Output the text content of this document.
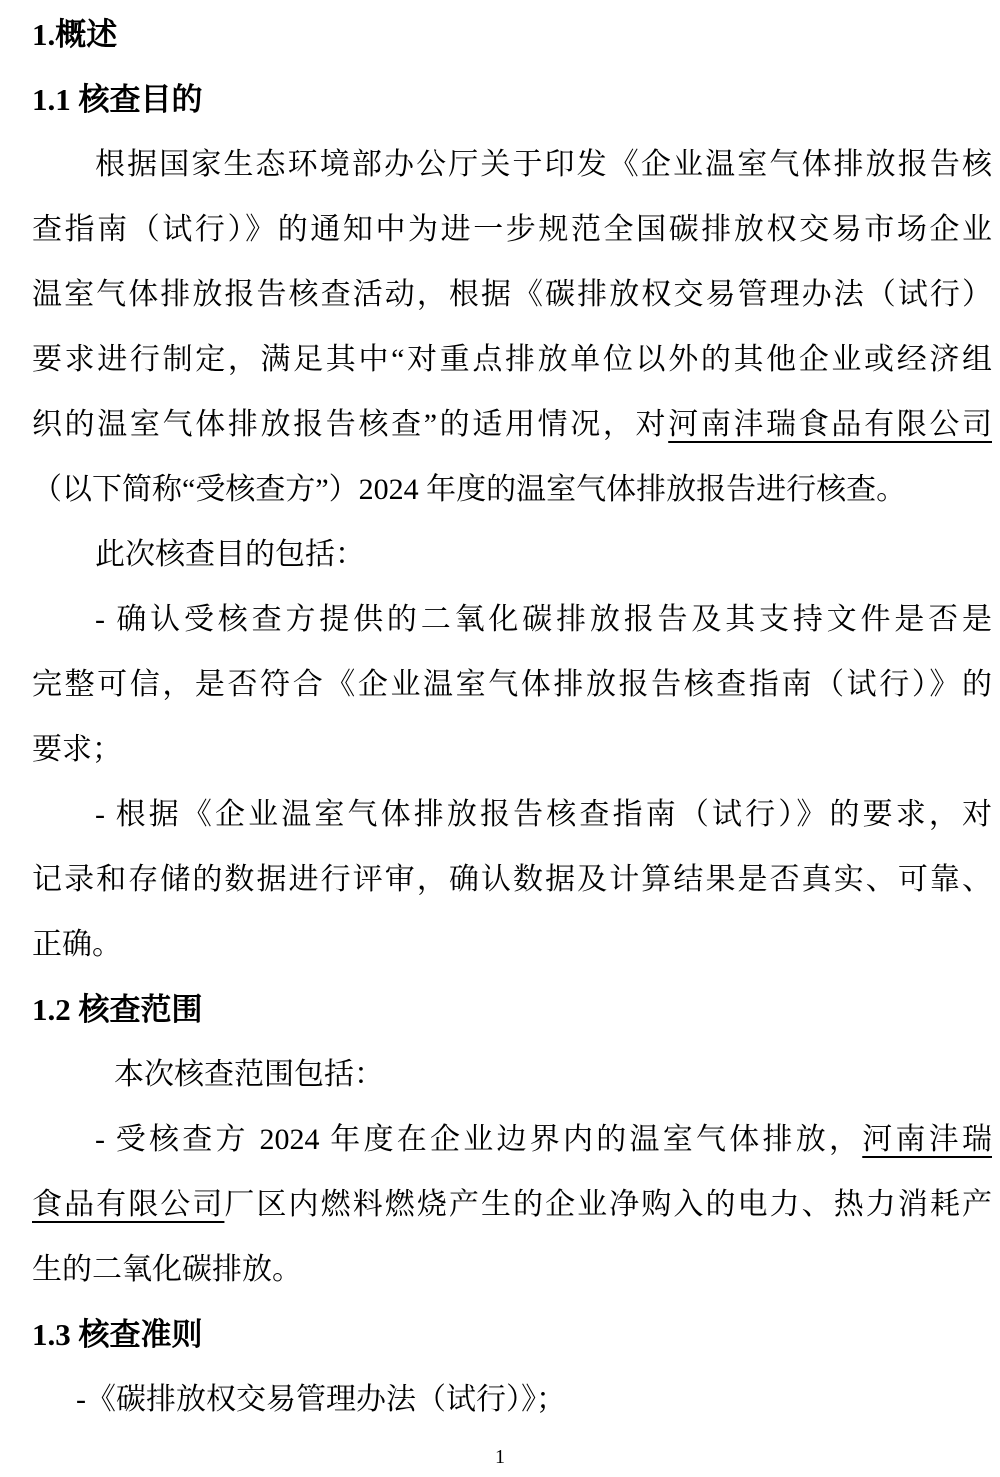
1.概述
1.1 核查目的
根据国家生态环境部办公厅关于印发《企业温室气体排放报告核
查指南（试行）》的通知中为进一步规范全国碳排放权交易市场企业
温室气体排放报告核查活动，根据《碳排放权交易管理办法（试行）
要求进行制定，满足其中“对重点排放单位以外的其他企业或经济组
织的温室气体排放报告核查”的适用情况，对河南沣瑞食品有限公司
（以下简称“受核查方”）2024 年度的温室气体排放报告进行核查。
此次核查目的包括：
- 确认受核查方提供的二氧化碳排放报告及其支持文件是否是
完整可信，是否符合《企业温室气体排放报告核查指南（试行）》的
要求；
- 根据《企业温室气体排放报告核查指南（试行）》的要求，对
记录和存储的数据进行评审，确认数据及计算结果是否真实、可靠、
正确。
1.2 核查范围
本次核查范围包括：
- 受核查方 2024 年度在企业边界内的温室气体排放，河南沣瑞
食品有限公司厂区内燃料燃烧产生的企业净购入的电力、热力消耗产
生的二氧化碳排放。
1.3 核查准则
-《碳排放权交易管理办法（试行）》；
1
